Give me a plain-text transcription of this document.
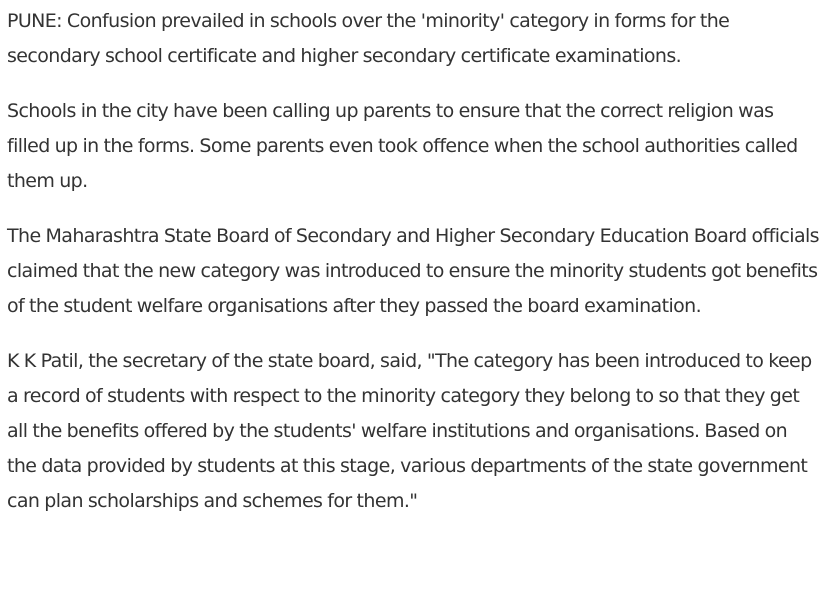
PUNE: Confusion prevailed in schools over the 'minority' category in forms for the secondary school certificate and higher secondary certificate examinations.

Schools in the city have been calling up parents to ensure that the correct religion was filled up in the forms. Some parents even took offence when the school authorities called them up.

The Maharashtra State Board of Secondary and Higher Secondary Education Board officials claimed that the new category was introduced to ensure the minority students got benefits of the student welfare organisations after they passed the board examination.

K K Patil, the secretary of the state board, said, "The category has been introduced to keep a record of students with respect to the minority category they belong to so that they get all the benefits offered by the students' welfare institutions and organisations. Based on the data provided by students at this stage, various departments of the state government can plan scholarships and schemes for them."
